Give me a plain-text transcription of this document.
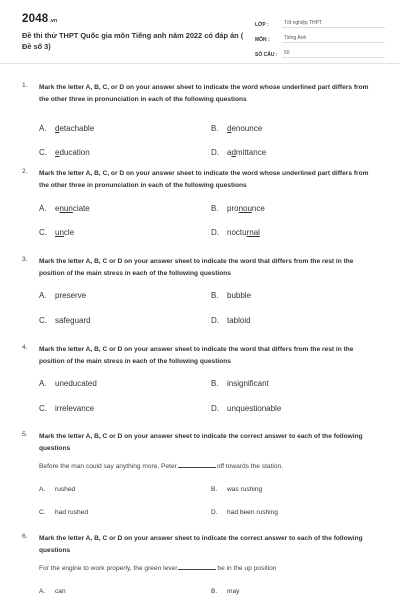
2048.vn
Đề thi thử THPT Quốc gia môn Tiếng anh năm 2022 có đáp án ( Đề số 3)
LỚP :	Tốt nghiệp THPT
MÔN :	Tiếng Anh
SỐ CÂU :	50
1. Mark the letter A, B, C, or D on your answer sheet to indicate the word whose underlined part differs from the other three in pronunciation in each of the following questions
A. detachable	B. denounce
C. education	D. admittance
2. Mark the letter A, B, C, or D on your answer sheet to indicate the word whose underlined part differs from the other three in pronunciation in each of the following questions
A. enunciate	B. pronounce
C. uncle	D. nocturnal
3. Mark the letter A, B, C or D on your answer sheet to indicate the word that differs from the rest in the position of the main stress in each of the following questions
A. preserve	B. bubble
C. safeguard	D. tabloid
4. Mark the letter A, B, C or D on your answer sheet to indicate the word that differs from the rest in the position of the main stress in each of the following questions
A. uneducated	B. insignificant
C. irrelevance	D. unquestionable
5. Mark the letter A, B, C or D on your answer sheet to indicate the correct answer to each of the following questions
Before the man could say anything more, Peter	off towards the station.
A. rushed	B. was rushing
C. had rushed	D. had been rushing
6. Mark the letter A, B, C or D on your answer sheet to indicate the correct answer to each of the following questions
For the engine to work properly, the green lever	be in the up position
A. can	B. may
